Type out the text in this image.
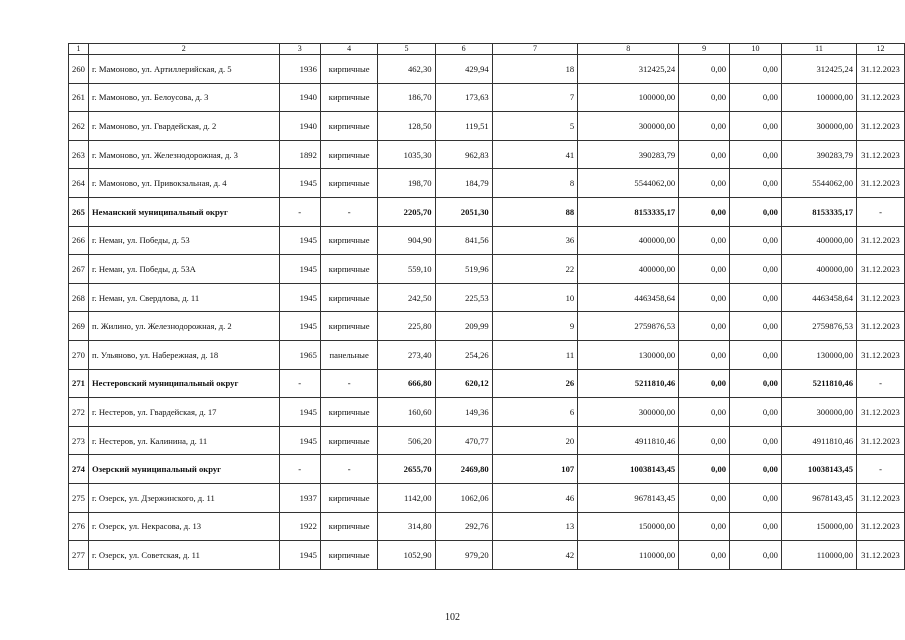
1	2	3	4	5	6	7	8	9	10	11	12
260	г. Мамоново, ул. Артиллерийская, д. 5	1936	кирпичные	462,30	429,94	18	312425,24	0,00	0,00	312425,24	31.12.2023
261	г. Мамоново, ул. Белоусова, д. 3	1940	кирпичные	186,70	173,63	7	100000,00	0,00	0,00	100000,00	31.12.2023
262	г. Мамоново, ул. Гвардейская, д. 2	1940	кирпичные	128,50	119,51	5	300000,00	0,00	0,00	300000,00	31.12.2023
263	г. Мамоново, ул. Железнодорожная, д. 3	1892	кирпичные	1035,30	962,83	41	390283,79	0,00	0,00	390283,79	31.12.2023
264	г. Мамоново, ул. Привокзальная, д. 4	1945	кирпичные	198,70	184,79	8	5544062,00	0,00	0,00	5544062,00	31.12.2023
265	Неманский муниципальный округ	-	-	2205,70	2051,30	88	8153335,17	0,00	0,00	8153335,17	-
266	г. Неман, ул. Победы, д. 53	1945	кирпичные	904,90	841,56	36	400000,00	0,00	0,00	400000,00	31.12.2023
267	г. Неман, ул. Победы, д. 53А	1945	кирпичные	559,10	519,96	22	400000,00	0,00	0,00	400000,00	31.12.2023
268	г. Неман, ул. Свердлова, д. 11	1945	кирпичные	242,50	225,53	10	4463458,64	0,00	0,00	4463458,64	31.12.2023
269	п. Жилино, ул. Железнодорожная, д. 2	1945	кирпичные	225,80	209,99	9	2759876,53	0,00	0,00	2759876,53	31.12.2023
270	п. Ульяново, ул. Набережная, д. 18	1965	панельные	273,40	254,26	11	130000,00	0,00	0,00	130000,00	31.12.2023
271	Нестеровский муниципальный округ	-	-	666,80	620,12	26	5211810,46	0,00	0,00	5211810,46	-
272	г. Нестеров, ул. Гвардейская, д. 17	1945	кирпичные	160,60	149,36	6	300000,00	0,00	0,00	300000,00	31.12.2023
273	г. Нестеров, ул. Калинина, д. 11	1945	кирпичные	506,20	470,77	20	4911810,46	0,00	0,00	4911810,46	31.12.2023
274	Озерский муниципальный округ	-	-	2655,70	2469,80	107	10038143,45	0,00	0,00	10038143,45	-
275	г. Озерск, ул. Дзержинского, д. 11	1937	кирпичные	1142,00	1062,06	46	9678143,45	0,00	0,00	9678143,45	31.12.2023
276	г. Озерск, ул. Некрасова, д. 13	1922	кирпичные	314,80	292,76	13	150000,00	0,00	0,00	150000,00	31.12.2023
277	г. Озерск, ул. Советская, д. 11	1945	кирпичные	1052,90	979,20	42	110000,00	0,00	0,00	110000,00	31.12.2023
102
